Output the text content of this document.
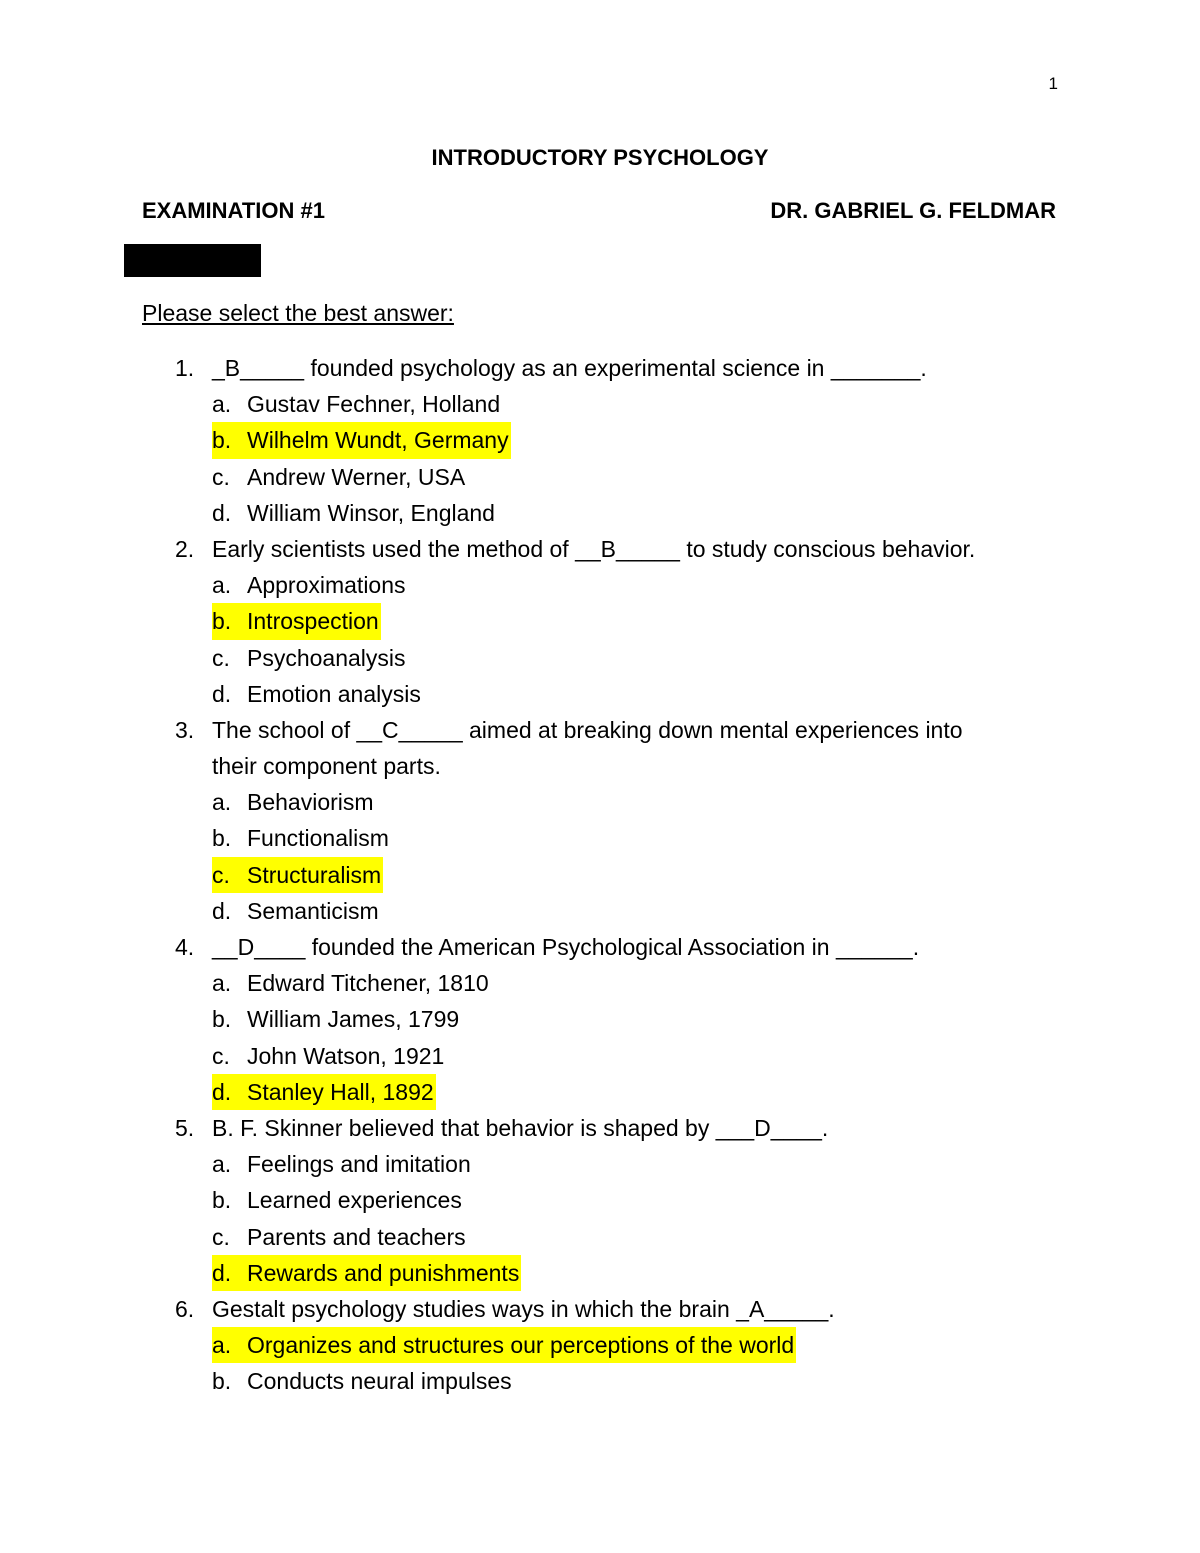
1
INTRODUCTORY PSYCHOLOGY
EXAMINATION #1	DR. GABRIEL G. FELDMAR
Please select the best answer:
1. _B_____ founded psychology as an experimental science in _______.
a. Gustav Fechner, Holland
b. Wilhelm Wundt, Germany
c. Andrew Werner, USA
d. William Winsor, England
2. Early scientists used the method of __B_____ to study conscious behavior.
a. Approximations
b. Introspection
c. Psychoanalysis
d. Emotion analysis
3. The school of __C_____ aimed at breaking down mental experiences into
their component parts.
a. Behaviorism
b. Functionalism
c. Structuralism
d. Semanticism
4. __D____ founded the American Psychological Association in ______.
a. Edward Titchener, 1810
b. William James, 1799
c. John Watson, 1921
d. Stanley Hall, 1892
5. B. F. Skinner believed that behavior is shaped by ___D____.
a. Feelings and imitation
b. Learned experiences
c. Parents and teachers
d. Rewards and punishments
6. Gestalt psychology studies ways in which the brain _A_____.
a. Organizes and structures our perceptions of the world
b. Conducts neural impulses
